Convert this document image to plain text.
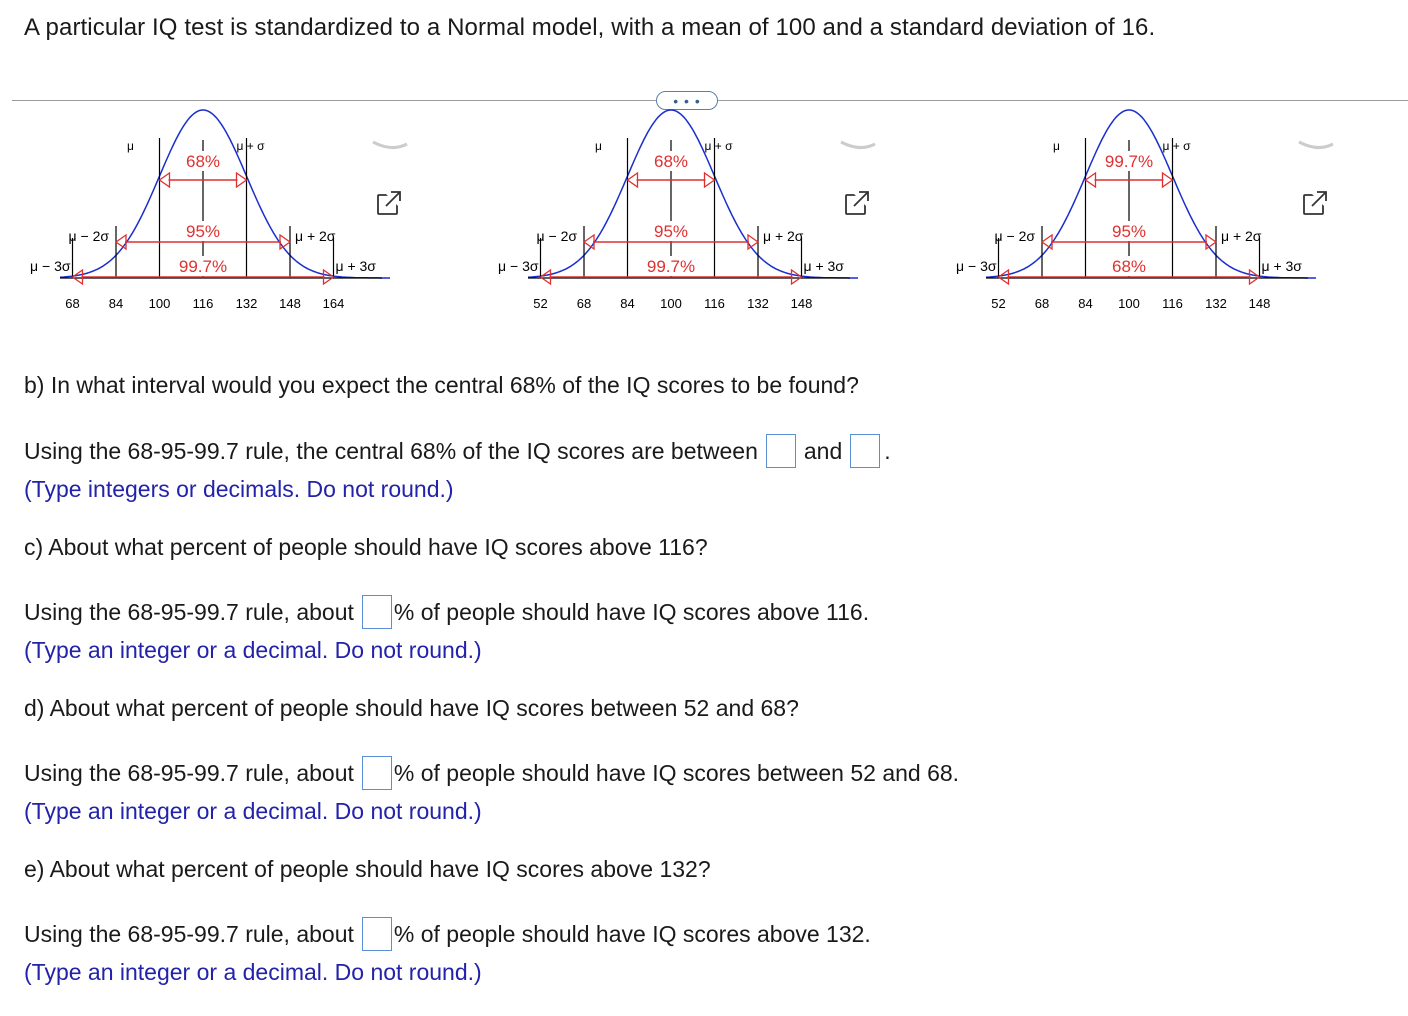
A particular IQ test is standardized to a Normal model, with a mean of 100 and a standard deviation of 16.
• • •
68%
95%
99.7%
μ	μ + σ
μ − 2σ
μ − 3σ
μ + 2σ
μ + 3σ
68 84 100 116 132 148 164
68%
95%
99.7%
μ	μ + σ
μ − 2σ
μ − 3σ
μ + 2σ
μ + 3σ
52 68 84 100 116 132 148
99.7%
95%
68%
μ	μ + σ
μ − 2σ
μ − 3σ
μ + 2σ
μ + 3σ
52 68 84 100 116 132 148
b) In what interval would you expect the central 68% of the IQ scores to be found?
Using the 68-95-99.7 rule, the central 68% of the IQ scores are between and .
(Type integers or decimals. Do not round.)
c) About what percent of people should have IQ scores above 116?
Using the 68-95-99.7 rule, about % of people should have IQ scores above 116.
(Type an integer or a decimal. Do not round.)
d) About what percent of people should have IQ scores between 52 and 68?
Using the 68-95-99.7 rule, about % of people should have IQ scores between 52 and 68.
(Type an integer or a decimal. Do not round.)
e) About what percent of people should have IQ scores above 132?
Using the 68-95-99.7 rule, about % of people should have IQ scores above 132.
(Type an integer or a decimal. Do not round.)
